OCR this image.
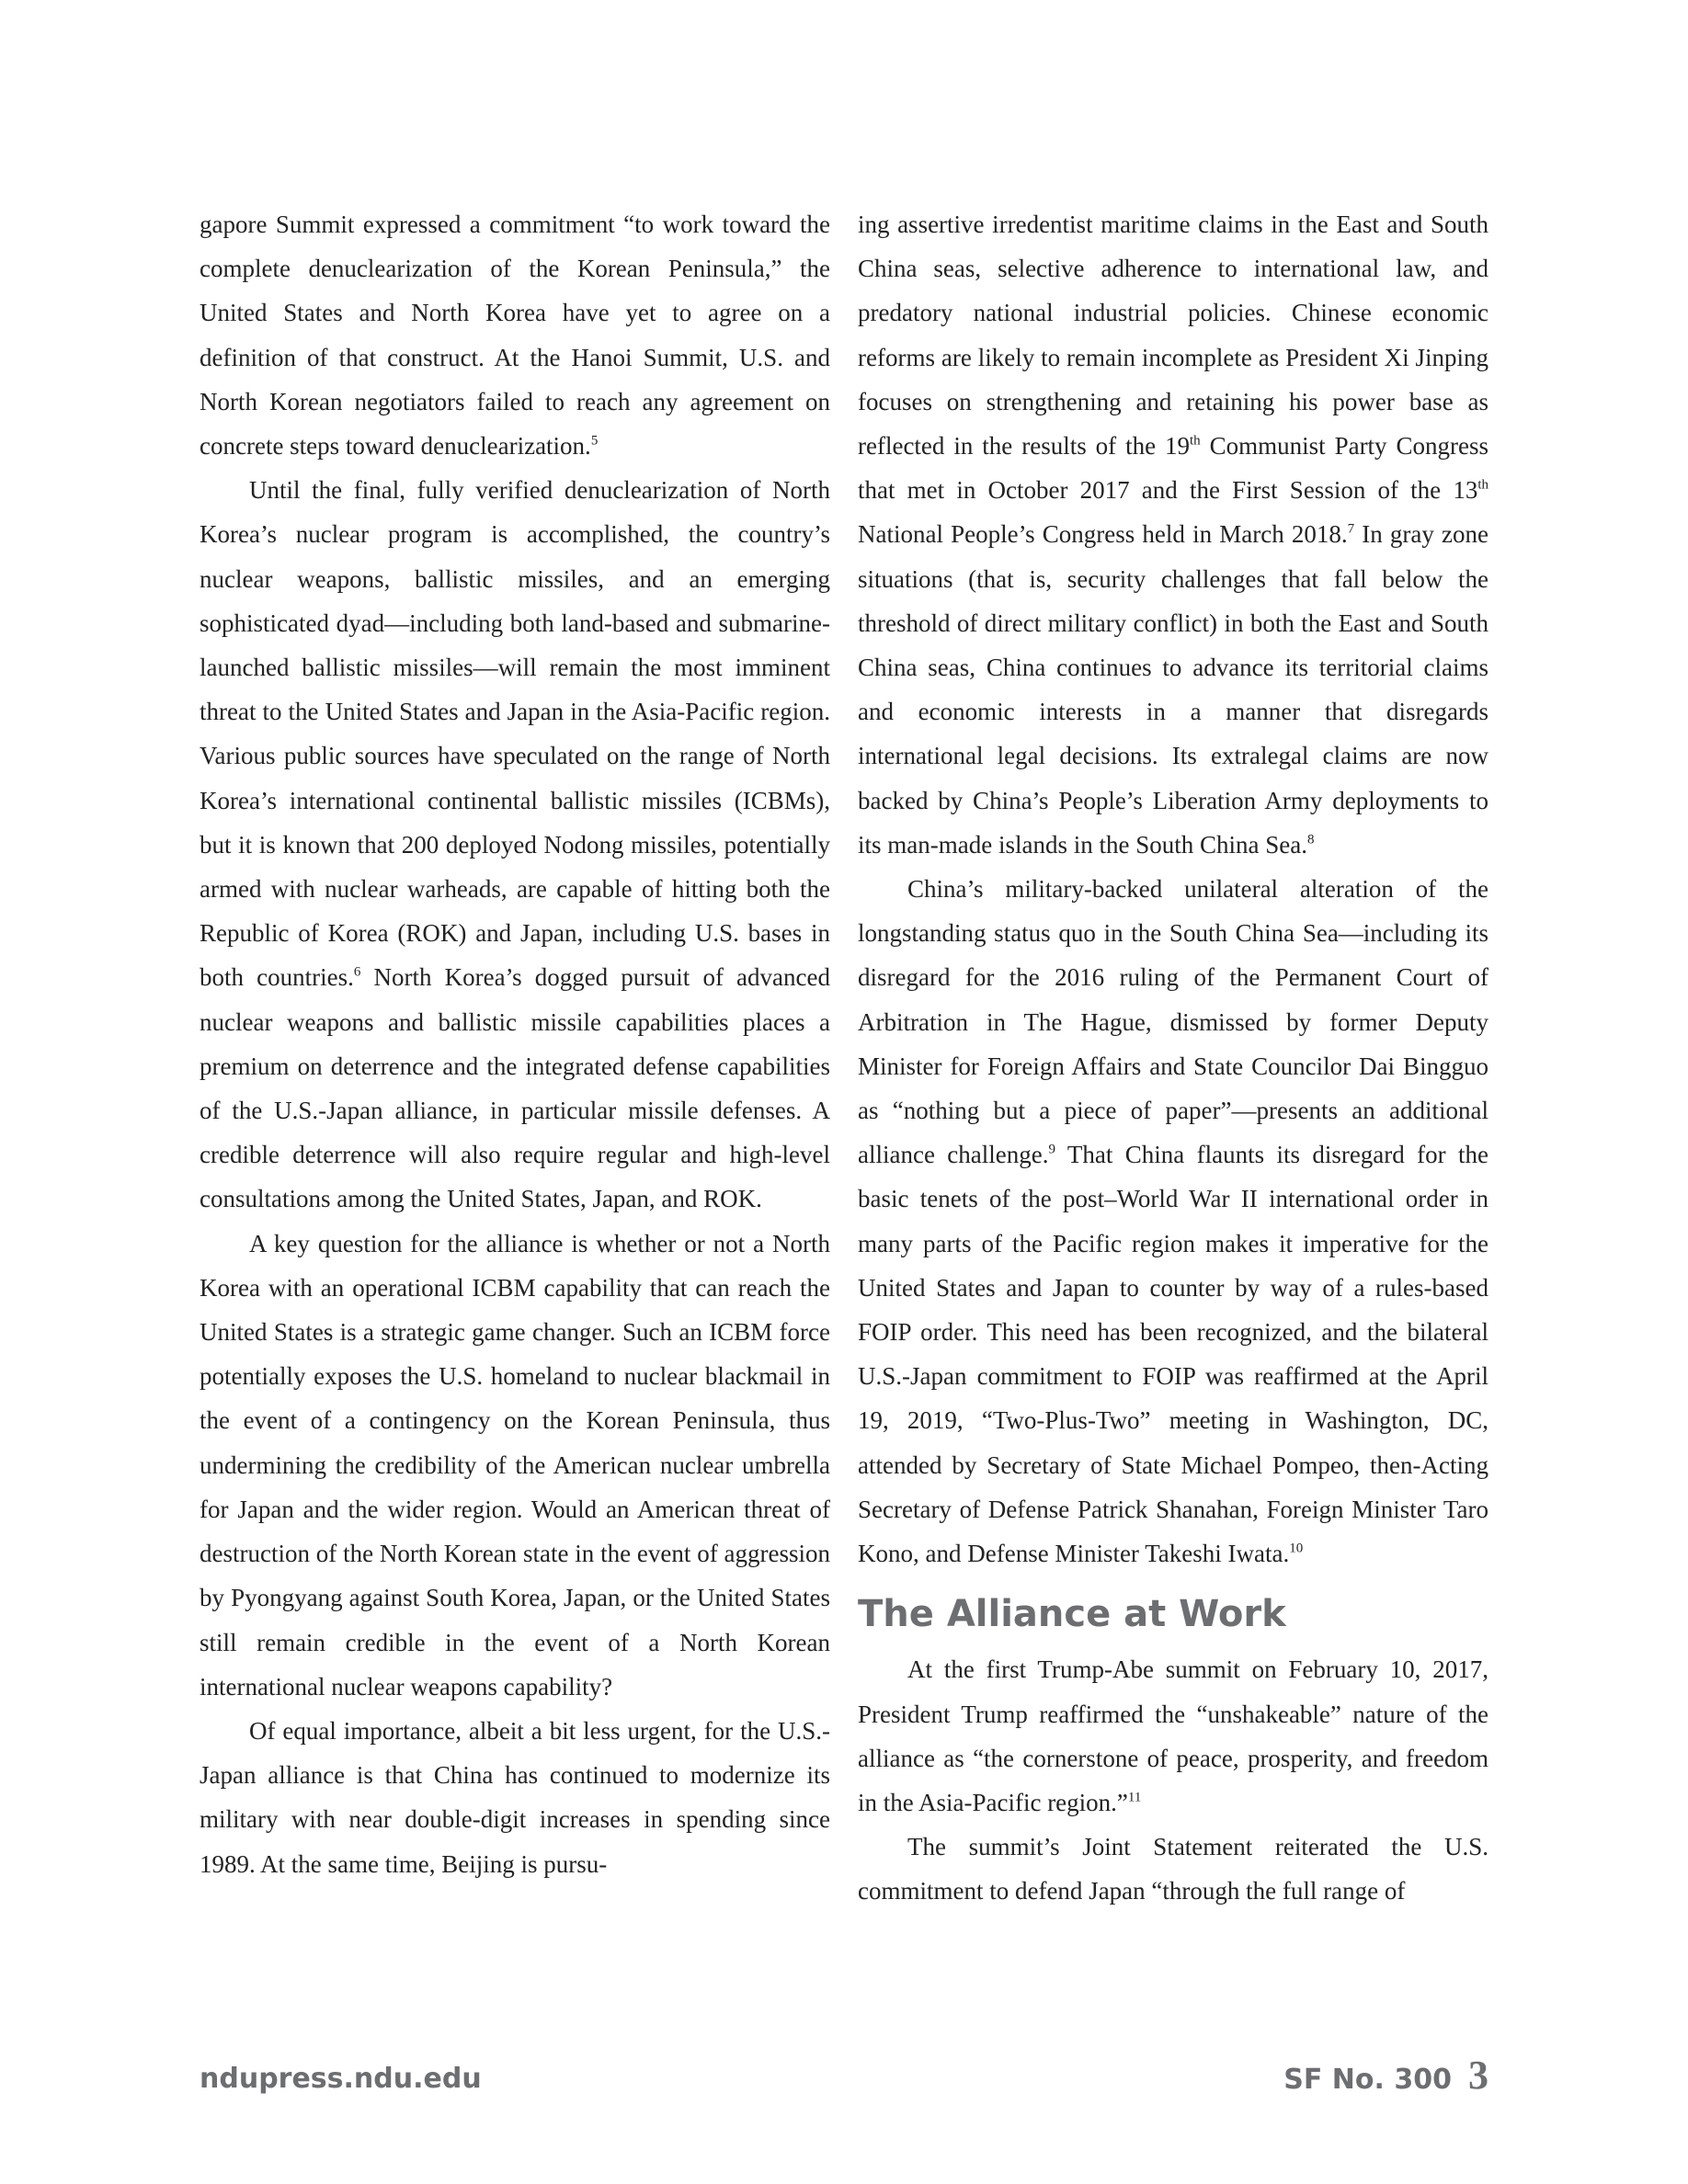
gapore Summit expressed a commitment “to work toward the complete denuclearization of the Korean Peninsula,” the United States and North Korea have yet to agree on a definition of that construct. At the Hanoi Summit, U.S. and North Korean negotiators failed to reach any agreement on concrete steps toward denuclearization.$^5$

Until the final, fully verified denuclearization of North Korea’s nuclear program is accomplished, the country’s nuclear weapons, ballistic missiles, and an emerging sophisticated dyad—including both land-based and submarine-launched ballistic missiles—will remain the most imminent threat to the United States and Japan in the Asia-Pacific region. Various public sources have speculated on the range of North Korea’s international continental ballistic missiles (ICBMs), but it is known that 200 deployed Nodong missiles, potentially armed with nuclear warheads, are capable of hitting both the Republic of Korea (ROK) and Japan, including U.S. bases in both countries.$^6$ North Korea’s dogged pursuit of advanced nuclear weapons and ballistic missile capabilities places a premium on deterrence and the integrated defense capabilities of the U.S.-Japan alliance, in particular missile defenses. A credible deterrence will also require regular and high-level consultations among the United States, Japan, and ROK.

A key question for the alliance is whether or not a North Korea with an operational ICBM capability that can reach the United States is a strategic game changer. Such an ICBM force potentially exposes the U.S. homeland to nuclear blackmail in the event of a contingency on the Korean Peninsula, thus undermining the credibility of the American nuclear umbrella for Japan and the wider region. Would an American threat of destruction of the North Korean state in the event of aggression by Pyongyang against South Korea, Japan, or the United States still remain credible in the event of a North Korean international nuclear weapons capability?

Of equal importance, albeit a bit less urgent, for the U.S.-Japan alliance is that China has continued to modernize its military with near double-digit increases in spending since 1989. At the same time, Beijing is pursu-

ing assertive irredentist maritime claims in the East and South China seas, selective adherence to international law, and predatory national industrial policies. Chinese economic reforms are likely to remain incomplete as President Xi Jinping focuses on strengthening and retaining his power base as reflected in the results of the 19th Communist Party Congress that met in October 2017 and the First Session of the 13th National People’s Congress held in March 2018.$^7$ In gray zone situations (that is, security challenges that fall below the threshold of direct military conflict) in both the East and South China seas, China continues to advance its territorial claims and economic interests in a manner that disregards international legal decisions. Its extralegal claims are now backed by China’s People’s Liberation Army deployments to its man-made islands in the South China Sea.$^8$

China’s military-backed unilateral alteration of the longstanding status quo in the South China Sea—including its disregard for the 2016 ruling of the Permanent Court of Arbitration in The Hague, dismissed by former Deputy Minister for Foreign Affairs and State Councilor Dai Bingguo as “nothing but a piece of paper”—presents an additional alliance challenge.$^9$ That China flaunts its disregard for the basic tenets of the post–World War II international order in many parts of the Pacific region makes it imperative for the United States and Japan to counter by way of a rules-based FOIP order. This need has been recognized, and the bilateral U.S.-Japan commitment to FOIP was reaffirmed at the April 19, 2019, “Two-Plus-Two” meeting in Washington, DC, attended by Secretary of State Michael Pompeo, then-Acting Secretary of Defense Patrick Shanahan, Foreign Minister Taro Kono, and Defense Minister Takeshi Iwata.$^{10}$

The Alliance at Work

At the first Trump-Abe summit on February 10, 2017, President Trump reaffirmed the “unshakeable” nature of the alliance as “the cornerstone of peace, prosperity, and freedom in the Asia-Pacific region.”$^{11}$

The summit’s Joint Statement reiterated the U.S. commitment to defend Japan “through the full range of

ndupress.ndu.edu	SF No. 300 3
